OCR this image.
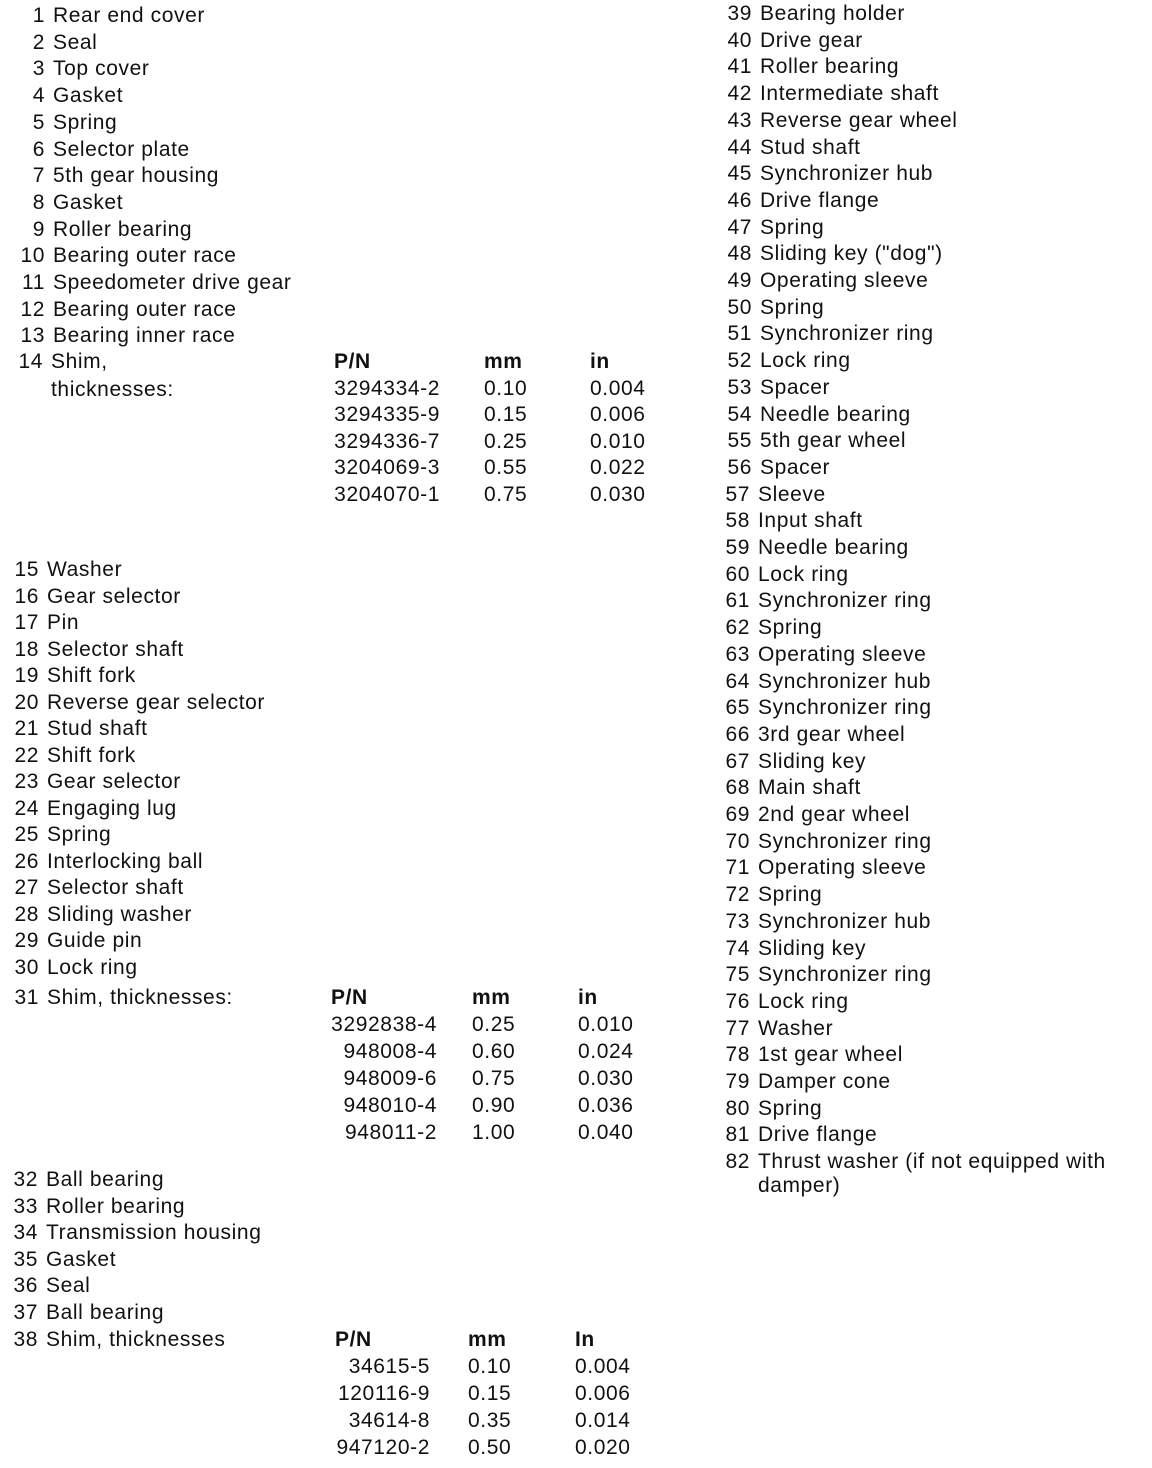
1 Rear end cover
2 Seal
3 Top cover
4 Gasket
5 Spring
6 Selector plate
7 5th gear housing
8 Gasket
9 Roller bearing
10 Bearing outer race
11 Speedometer drive gear
12 Bearing outer race
13 Bearing inner race
14 Shim,
thicknesses:
P/N	mm	in
3294334-2 0.10	0.004
3294335-9 0.15	0.006
3294336-7 0.25	0.010
3204069-3 0.55	0.022
3204070-1 0.75	0.030
15 Washer
16 Gear selector
17 Pin
18 Selector shaft
19 Shift fork
20 Reverse gear selector
21 Stud shaft
22 Shift fork
23 Gear selector
24 Engaging lug
25 Spring
26 Interlocking ball
27 Selector shaft
28 Sliding washer
29 Guide pin
30 Lock ring
31 Shim, thicknesses:	P/N	mm	in
3292838-4 0.25	0.010
948008-4 0.60	0.024
948009-6 0.75	0.030
948010-4 0.90	0.036
948011-2 1.00	0.040
32 Ball bearing
33 Roller bearing
34 Transmission housing
35 Gasket
36 Seal
37 Ball bearing
38 Shim, thicknesses	P/N	mm	In
34615-5 0.10	0.004
120116-9 0.15	0.006
34614-8 0.35	0.014
947120-2 0.50	0.020
39 Bearing holder
40 Drive gear
41 Roller bearing
42 Intermediate shaft
43 Reverse gear wheel
44 Stud shaft
45 Synchronizer hub
46 Drive flange
47 Spring
48 Sliding key ("dog")
49 Operating sleeve
50 Spring
51 Synchronizer ring
52 Lock ring
53 Spacer
54 Needle bearing
55 5th gear wheel
56 Spacer
57 Sleeve
58 Input shaft
59 Needle bearing
60 Lock ring
61 Synchronizer ring
62 Spring
63 Operating sleeve
64 Synchronizer hub
65 Synchronizer ring
66 3rd gear wheel
67 Sliding key
68 Main shaft
69 2nd gear wheel
70 Synchronizer ring
71 Operating sleeve
72 Spring
73 Synchronizer hub
74 Sliding key
75 Synchronizer ring
76 Lock ring
77 Washer
78 1st gear wheel
79 Damper cone
80 Spring
81 Drive flange
82 Thrust washer (if not equipped with damper)
